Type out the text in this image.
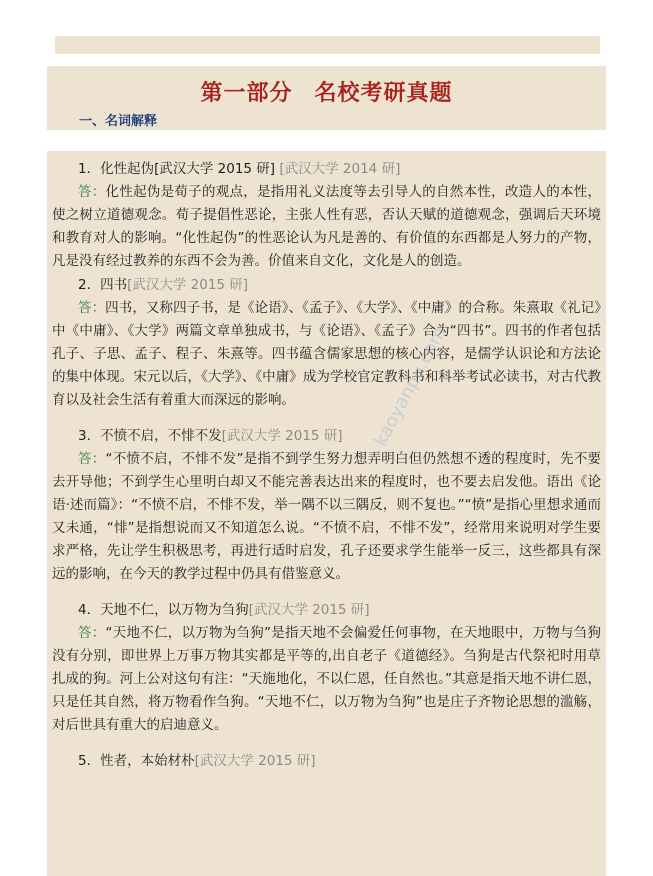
第一部分 名校考研真题
一、名词解释
1．化性起伪[武汉大学 2015 研] [武汉大学 2014 研]
答：化性起伪是荀子的观点，是指用礼义法度等去引导人的自然本性，改造人的本性，使之树立道德观念。荀子提倡性恶论，主张人性有恶，否认天赋的道德观念，强调后天环境和教育对人的影响。“化性起伪”的性恶论认为凡是善的、有价值的东西都是人努力的产物，凡是没有经过教养的东西不会为善。价值来自文化，文化是人的创造。
2．四书[武汉大学 2015 研]
答：四书，又称四子书，是《论语》、《孟子》、《大学》、《中庸》的合称。朱熹取《礼记》中《中庸》、《大学》两篇文章单独成书，与《论语》、《孟子》合为“四书”。四书的作者包括孔子、子思、孟子、程子、朱熹等。四书蕴含儒家思想的核心内容，是儒学认识论和方法论的集中体现。宋元以后，《大学》、《中庸》成为学校官定教科书和科举考试必读书，对古代教育以及社会生活有着重大而深远的影响。
3．不愤不启，不悱不发[武汉大学 2015 研]
答：“不愤不启，不悱不发”是指不到学生努力想弄明白但仍然想不透的程度时，先不要去开导他；不到学生心里明白却又不能完善表达出来的程度时，也不要去启发他。语出《论语·述而篇》：“不愤不启，不悱不发，举一隅不以三隅反，则不复也。”“愤”是指心里想求通而又未通，“悱”是指想说而又不知道怎么说。“不愤不启，不悱不发”，经常用来说明对学生要求严格，先让学生积极思考，再进行适时启发，孔子还要求学生能举一反三，这些都具有深远的影响，在今天的教学过程中仍具有借鉴意义。
4．天地不仁，以万物为刍狗[武汉大学 2015 研]
答：“天地不仁，以万物为刍狗”是指天地不会偏爱任何事物，在天地眼中，万物与刍狗没有分别，即世界上万事万物其实都是平等的,出自老子《道德经》。刍狗是古代祭祀时用草扎成的狗。河上公对这句有注：“天施地化，不以仁恩，任自然也。”其意是指天地不讲仁恩，只是任其自然，将万物看作刍狗。“天地不仁，以万物为刍狗”也是庄子齐物论思想的滥觞，对后世具有重大的启迪意义。
5．性者，本始材朴[武汉大学 2015 研]
kaoyanpu.com
